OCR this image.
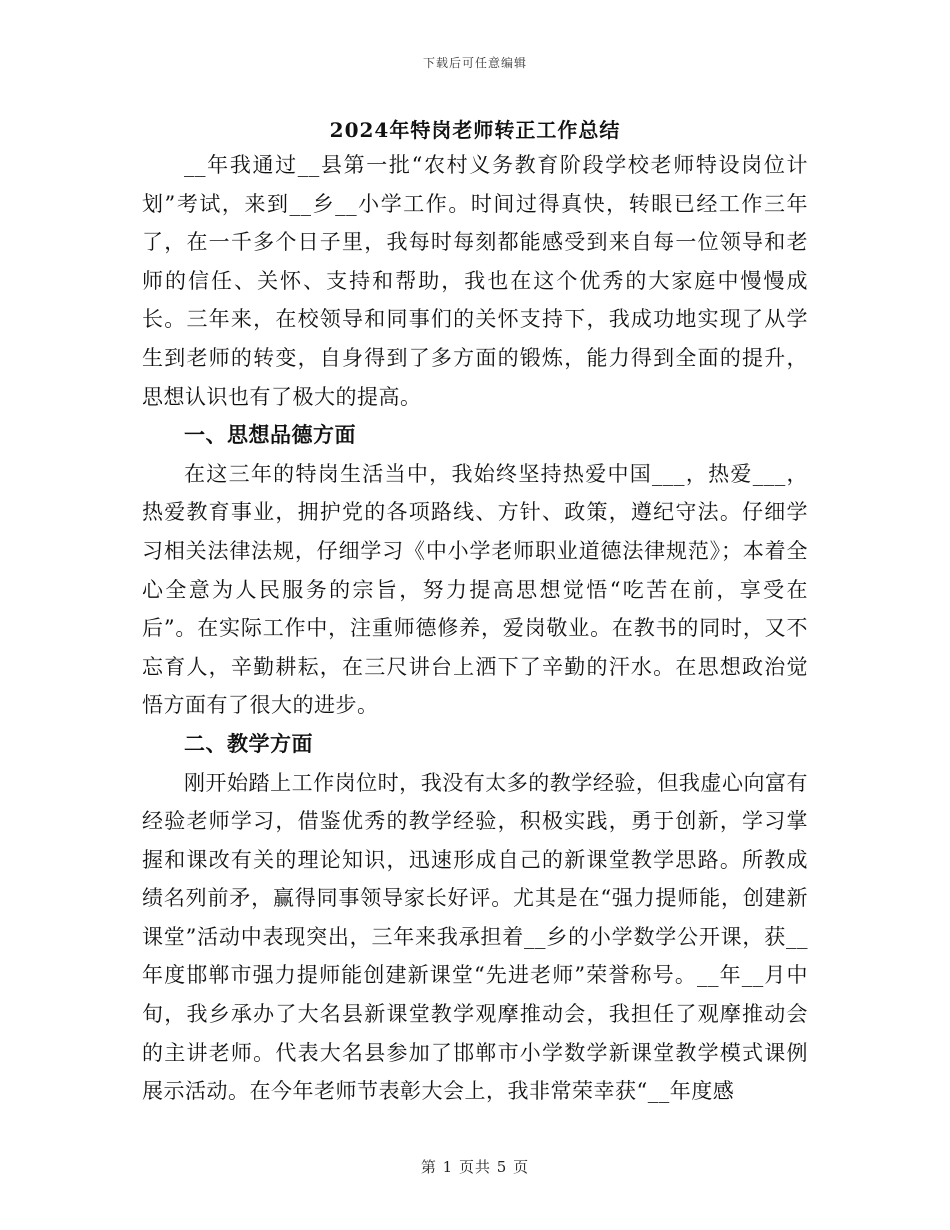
下载后可任意编辑
2024年特岗老师转正工作总结

__年我通过__县第一批“农村义务教育阶段学校老师特设岗位计划”考试，来到__乡__小学工作。时间过得真快，转眼已经工作三年了，在一千多个日子里，我每时每刻都能感受到来自每一位领导和老师的信任、关怀、支持和帮助，我也在这个优秀的大家庭中慢慢成长。三年来，在校领导和同事们的关怀支持下，我成功地实现了从学生到老师的转变，自身得到了多方面的锻炼，能力得到全面的提升，思想认识也有了极大的提高。

一、思想品德方面

在这三年的特岗生活当中，我始终坚持热爱中国___，热爱___，热爱教育事业，拥护党的各项路线、方针、政策，遵纪守法。仔细学习相关法律法规，仔细学习《中小学老师职业道德法律规范》；本着全心全意为人民服务的宗旨，努力提高思想觉悟“吃苦在前，享受在后”。在实际工作中，注重师德修养，爱岗敬业。在教书的同时，又不忘育人，辛勤耕耘，在三尺讲台上洒下了辛勤的汗水。在思想政治觉悟方面有了很大的进步。

二、教学方面

刚开始踏上工作岗位时，我没有太多的教学经验，但我虚心向富有经验老师学习，借鉴优秀的教学经验，积极实践，勇于创新，学习掌握和课改有关的理论知识，迅速形成自己的新课堂教学思路。所教成绩名列前矛，赢得同事领导家长好评。尤其是在“强力提师能，创建新课堂”活动中表现突出，三年来我承担着__乡的小学数学公开课，获__年度邯郸市强力提师能创建新课堂“先进老师”荣誉称号。__年__月中旬，我乡承办了大名县新课堂教学观摩推动会，我担任了观摩推动会的主讲老师。代表大名县参加了邯郸市小学数学新课堂教学模式课例展示活动。在今年老师节表彰大会上，我非常荣幸获“__年度感

第 1 页共 5 页
